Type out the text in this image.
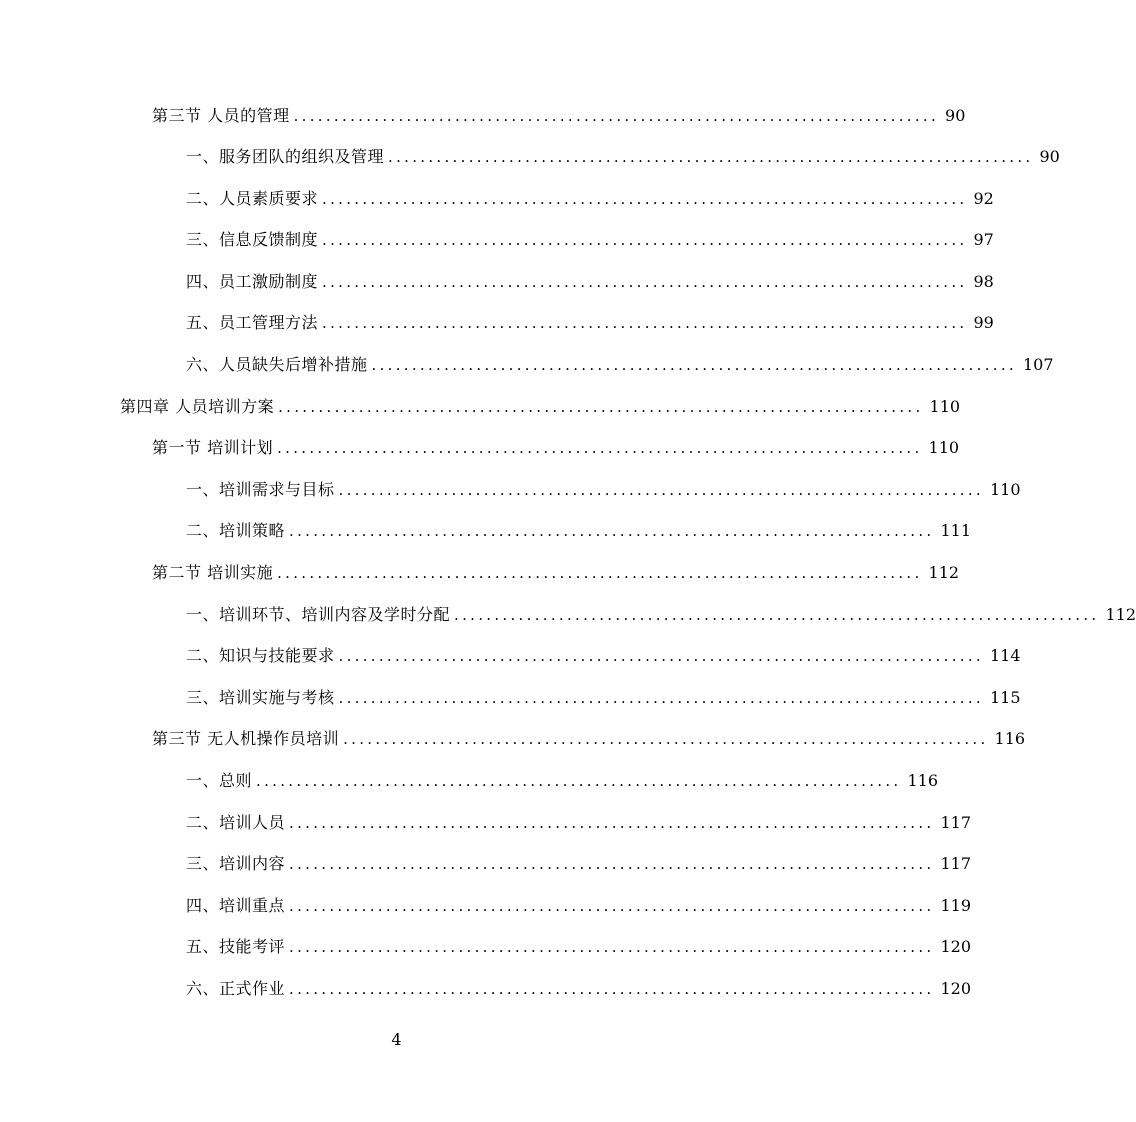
第三节 人员的管理 ................................................................................ 90
一、服务团队的组织及管理 ................................................................................ 90
二、人员素质要求 ................................................................................ 92
三、信息反馈制度 ................................................................................ 97
四、员工激励制度 ................................................................................ 98
五、员工管理方法 ................................................................................ 99
六、人员缺失后增补措施 ................................................................................ 107
第四章 人员培训方案 ................................................................................ 110
第一节 培训计划 ................................................................................ 110
一、培训需求与目标 ................................................................................ 110
二、培训策略 ................................................................................ 111
第二节 培训实施 ................................................................................ 112
一、培训环节、培训内容及学时分配 ................................................................................ 112
二、知识与技能要求 ................................................................................ 114
三、培训实施与考核 ................................................................................ 115
第三节 无人机操作员培训 ................................................................................ 116
一、总则 ................................................................................ 116
二、培训人员 ................................................................................ 117
三、培训内容 ................................................................................ 117
四、培训重点 ................................................................................ 119
五、技能考评 ................................................................................ 120
六、正式作业 ................................................................................ 120
4
